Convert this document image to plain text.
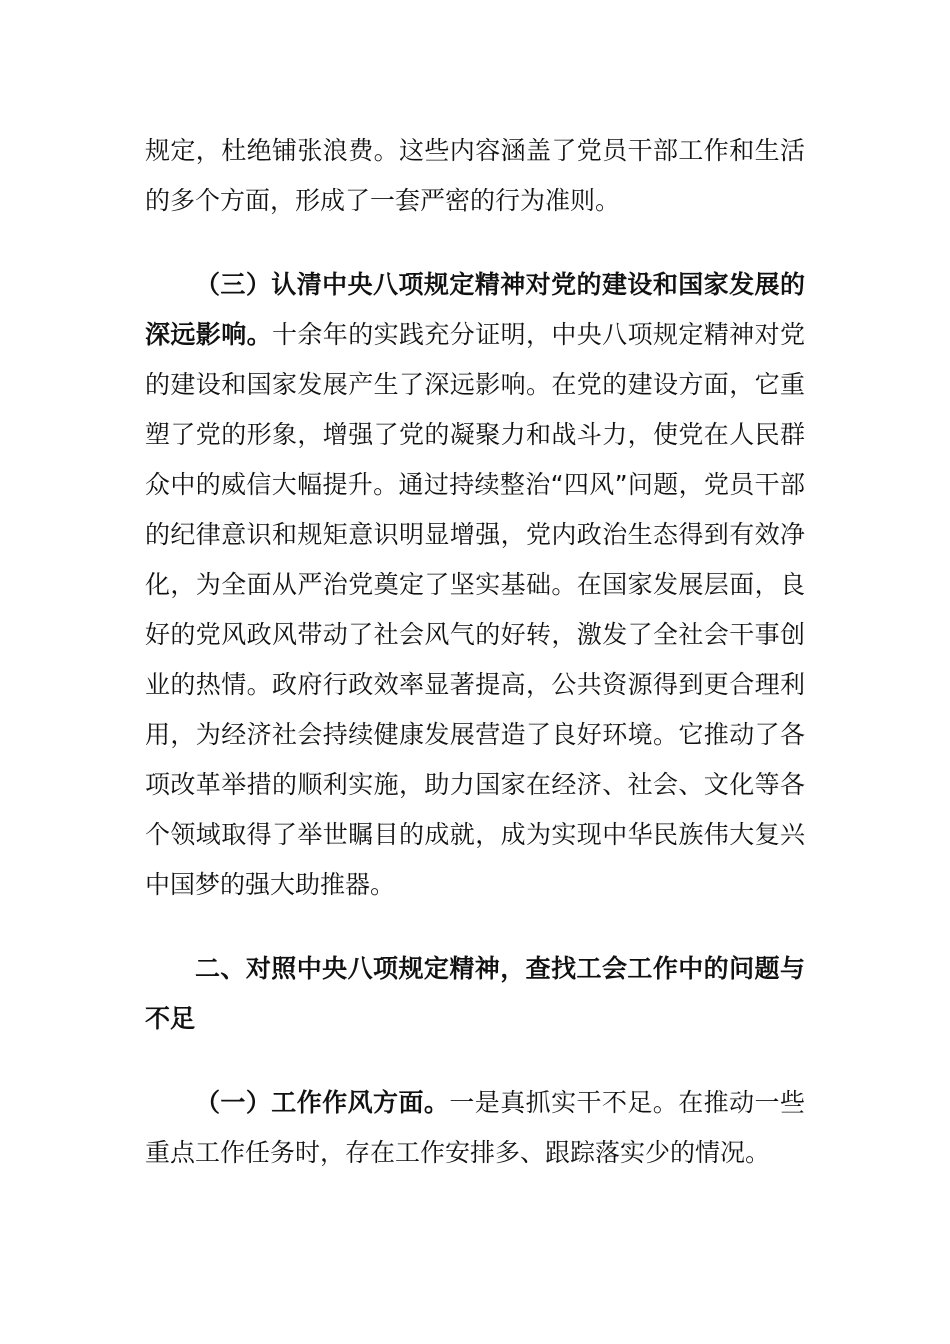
规定，杜绝铺张浪费。这些内容涵盖了党员干部工作和生活的多个方面，形成了一套严密的行为准则。

（三）认清中央八项规定精神对党的建设和国家发展的深远影响。十余年的实践充分证明，中央八项规定精神对党的建设和国家发展产生了深远影响。在党的建设方面，它重塑了党的形象，增强了党的凝聚力和战斗力，使党在人民群众中的威信大幅提升。通过持续整治“四风”问题，党员干部的纪律意识和规矩意识明显增强，党内政治生态得到有效净化，为全面从严治党奠定了坚实基础。在国家发展层面，良好的党风政风带动了社会风气的好转，激发了全社会干事创业的热情。政府行政效率显著提高，公共资源得到更合理利用，为经济社会持续健康发展营造了良好环境。它推动了各项改革举措的顺利实施，助力国家在经济、社会、文化等各个领域取得了举世瞩目的成就，成为实现中华民族伟大复兴中国梦的强大助推器。

二、对照中央八项规定精神，查找工会工作中的问题与不足

（一）工作作风方面。一是真抓实干不足。在推动一些重点工作任务时，存在工作安排多、跟踪落实少的情况。
